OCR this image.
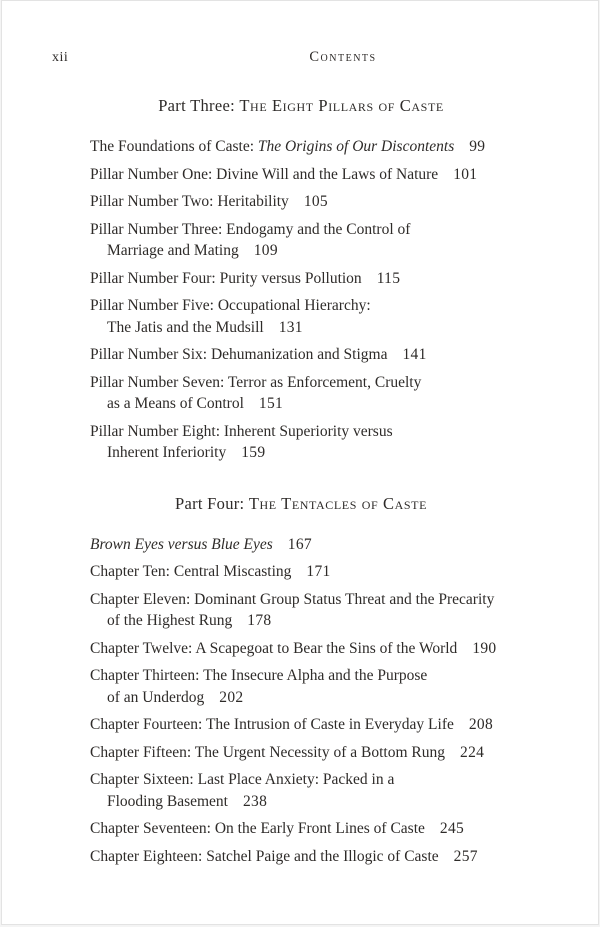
xii	Contents
Part Three: The Eight Pillars of Caste
The Foundations of Caste: The Origins of Our Discontents 99
Pillar Number One: Divine Will and the Laws of Nature 101
Pillar Number Two: Heritability 105
Pillar Number Three: Endogamy and the Control of
Marriage and Mating 109
Pillar Number Four: Purity versus Pollution 115
Pillar Number Five: Occupational Hierarchy:
The Jatis and the Mudsill 131
Pillar Number Six: Dehumanization and Stigma 141
Pillar Number Seven: Terror as Enforcement, Cruelty
as a Means of Control 151
Pillar Number Eight: Inherent Superiority versus
Inherent Inferiority 159
Part Four: The Tentacles of Caste
Brown Eyes versus Blue Eyes 167
Chapter Ten: Central Miscasting 171
Chapter Eleven: Dominant Group Status Threat and the Precarity
of the Highest Rung 178
Chapter Twelve: A Scapegoat to Bear the Sins of the World 190
Chapter Thirteen: The Insecure Alpha and the Purpose
of an Underdog 202
Chapter Fourteen: The Intrusion of Caste in Everyday Life 208
Chapter Fifteen: The Urgent Necessity of a Bottom Rung 224
Chapter Sixteen: Last Place Anxiety: Packed in a
Flooding Basement 238
Chapter Seventeen: On the Early Front Lines of Caste 245
Chapter Eighteen: Satchel Paige and the Illogic of Caste 257
